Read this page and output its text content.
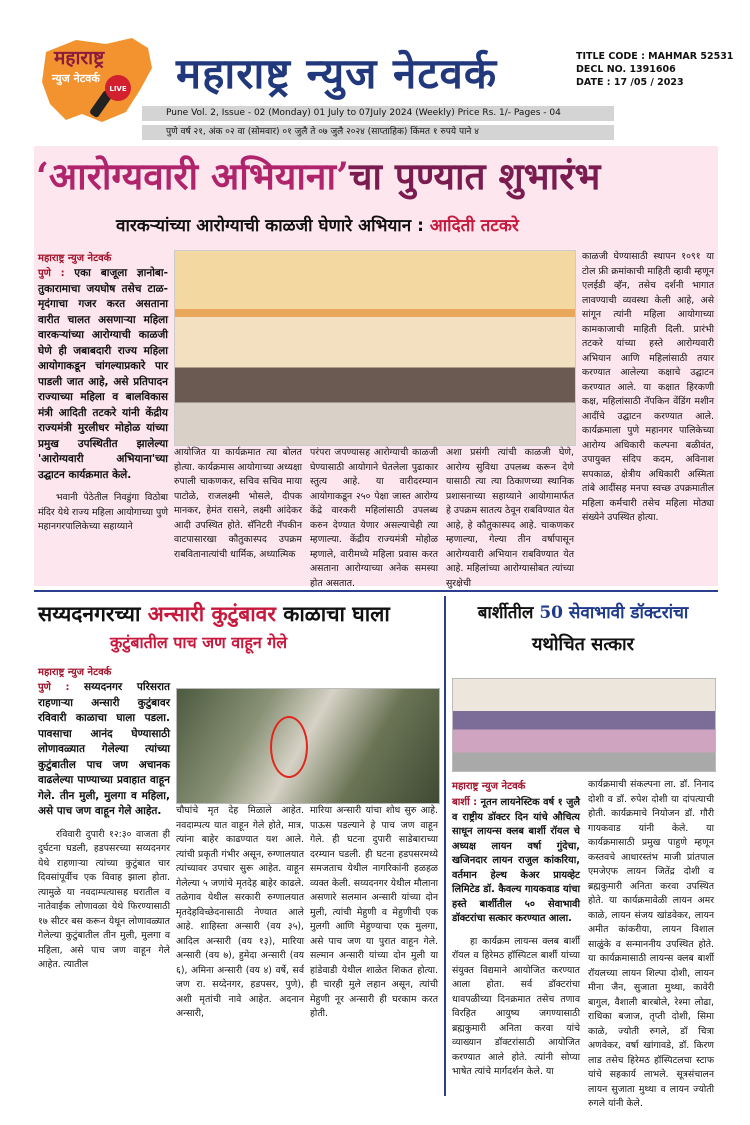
महाराष्ट्र
न्युज नेटवर्क
LIVE महाराष्ट्र न्युज नेटवर्क	TITLE CODE : MAHMAR 52531
DECL NO. 1391606
DATE : 17 /05 / 2023
Pune Vol. 2, Issue - 02 (Monday) 01 July to 07July 2024 (Weekly) Price Rs. 1/- Pages - 04
पुणे वर्ष २१, अंक ०२ वा (सोमवार) ०१ जुलै ते ०७ जुलै २०२४ (साप्ताहिक) किंमत १ रुपये पाने ४
‘आरोग्यवारी अभियाना’चा पुण्यात शुभारंभ
वारकऱ्यांच्या आरोग्याची काळजी घेणारे अभियान : आदिती तटकरे
महाराष्ट्र न्युज नेटवर्क
पुणे : एका बाजूला ज्ञानोबा-तुकारामाचा जयघोष तसेच टाळ-मृदंगाचा गजर करत असताना वारीत चालत असणाऱ्या महिला वारकऱ्यांच्या आरोग्याची काळजी घेणे ही जबाबदारी राज्य महिला आयोगाकडून चांगल्याप्रकारे पार पाडली जात आहे, असे प्रतिपादन राज्याच्या महिला व बालविकास मंत्री आदिती तटकरे यांनी केंद्रीय राज्यमंत्री मुरलीधर मोहोळ यांच्या प्रमुख उपस्थितीत झालेल्या 'आरोग्यवारी अभियाना'च्या उद्घाटन कार्यक्रमात केले.
भवानी पेठेतील निवडुंगा विठोबा मंदिर येथे राज्य महिला आयोगाच्या पुणे महानगरपालिकेच्या सहाय्याने
आयोजित या कार्यक्रमात त्या बोलत होत्या. कार्यक्रमास आयोगाच्या अध्यक्षा रुपाली चाकणकर, सचिव सचिव माया पाटोळे, राजलक्ष्मी भोसले, दीपक मानकर, हेमंत रासने, लक्ष्मी आंदेकर आदी उपस्थित होते. सॅनिटरी नॅपकीन वाटपासारखा कौतुकास्पद उपक्रम राबवितानात्यांची धार्मिक, अध्यात्मिक
परंपरा जपण्यासह आरोग्याची काळजी घेण्यासाठी आयोगाने घेतलेला पुढाकार स्तुत्य आहे. या वारीदरम्यान आयोगाकडून २५० पेक्षा जास्त आरोग्य केंद्रे वारकरी महिलांसाठी उपलब्ध करुन देण्यात येणार असल्याचेही त्या म्हणाल्या. केंद्रीय राज्यमंत्री मोहोळ म्हणाले, वारीमध्ये महिला प्रवास करत असताना आरोग्याच्या अनेक समस्या होत असतात.
अशा प्रसंगी त्यांची काळजी घेणे, आरोग्य सुविधा उपलब्ध करून देणे यासाठी त्या त्या ठिकाणच्या स्थानिक प्रशासनाच्या सहाय्याने आयोगामार्फत हे उपक्रम सातत्य ठेवून राबविण्यात येत आहे, हे कौतुकास्पद आहे. चाकणकर म्हणाल्या, गेल्या तीन वर्षापासून आरोग्यवारी अभियान राबविण्यात येत आहे. महिलांच्या आरोग्यासोबत त्यांच्या सुरक्षेची
काळजी घेण्यासाठी स्थापन १०९१ या टोल फ्री क्रमांकाची माहिती व्हावी म्हणून एलईडी व्हॅन, तसेच दर्शनी भागात लावण्याची व्यवस्था केली आहे, असे सांगून त्यांनी महिला आयोगाच्या कामकाजाची माहिती दिली. प्रारंभी तटकरे यांच्या हस्ते आरोग्यवारी अभियान आणि महिलांसाठी तयार करण्यात आलेल्या कक्षाचे उद्घाटन करण्यात आले. या कक्षात हिरकणी कक्ष, महिलांसाठी नॅपकिन वेंडिंग मशीन आदींचे उद्घाटन करण्यात आले. कार्यक्रमाला पुणे महानगर पालिकेच्या आरोग्य अधिकारी कल्पना बळीवंत, उपायुक्त संदिप कदम, अविनाश सपकाळ, क्षेत्रीय अधिकारी अस्मिता तांबे आदींसह मनपा स्वच्छ उपक्रमातील महिला कर्मचारी तसेच महिला मोठ्या संख्येने उपस्थित होत्या.
सय्यदनगरच्या अन्सारी कुटुंबावर काळाचा घाला
कुटुंबातील पाच जण वाहून गेले
महाराष्ट्र न्युज नेटवर्क
पुणे : सय्यदनगर परिसरात राहणाऱ्या अन्सारी कुटुंबावर रविवारी काळाचा घाला पडला. पावसाचा आनंद घेण्यासाठी लोणावळ्यात गेलेल्या त्यांच्या कुटुंबातील पाच जण अचानक वाढलेल्या पाण्याच्या प्रवाहात वाहून गेले. तीन मुली, मुलगा व महिला, असे पाच जण वाहून गेले आहेत.
रविवारी दुपारी १२:३० वाजता ही दुर्घटना घडली, हडपसरच्या सय्यदनगर येथे राहणाऱ्या त्यांच्या कुटुंबात चार दिवसांपूर्वीच एक विवाह झाला होता. त्यामुळे या नवदाम्पत्यासह घरातील व नातेवाईक लोणावळा येथे फिरण्यासाठी १७ सीटर बस करून येथून लोणावळ्यात गेलेल्या कुटुंबातील तीन मुली, मुलगा व महिला, असे पाच जण वाहून गेले आहेत. त्यातील
चौघांचे मृत देह मिळाले आहेत. नवदाम्पत्य यात वाहून गेले होते, मात्र, त्यांना बाहेर काढण्यात यश आले. त्यांची प्रकृती गंभीर असून, रुग्णालयात त्यांच्यावर उपचार सुरू आहेत. वाहून गेलेल्या ५ जणांचे मृतदेह बाहेर काढले. तळेगाव येथील सरकारी रुग्णालयात मृतदेहविच्छेदनासाठी नेण्यात आले आहे. शाहिस्ता अन्सारी (वय ३५), आदिल अन्सारी (वय १३), मारिया अन्सारी (वय ७), हुमेदा अन्सारी (वय ६), अमिना अन्सारी (वय ४) वर्षे, सर्व जण रा. सय्देनगर, हडपसर, पुणे), अशी मृतांची नावे आहेत. अदनान अन्सारी,
मारिया अन्सारी यांचा शोध सुरु आहे. पाऊस पडल्याने हे पाच जण वाहून गेले. ही घटना दुपारी साडेबाराच्या दरम्यान घडली. ही घटना हडपसरमध्ये समजताच येथील नागरिकांनी हळहळ व्यक्त केली. सय्यदनगर येथील मौलाना असणारे सलमान अन्सारी यांच्या दोन मुली, त्यांची मेहुणी व मेहुणीची एक मुलगी आणि मेहुण्याचा एक मुलगा, असे पाच जण या पुरात वाहून गेले. सल्मान अन्सारी यांच्या दोन मुली या हांडेवाडी येथील शाळेत शिकत होत्या. ही चारही मुले लहान असून, त्यांची मेहुणी नूर अन्सारी ही घरकाम करत होती.
बार्शीतील 50 सेवाभावी डॉक्टरांचा
यथोचित सत्कार
महाराष्ट्र न्युज नेटवर्क
बार्शी : नूतन लायनेस्टिक वर्ष १ जुलै व राष्ट्रीय डॉक्टर दिन यांचे औचित्य साधून लायन्स क्लब बार्शी रॉयल चे अध्यक्ष लायन वर्षा गुंदेचा, खजिनदार लायन राजुल कांकरिया, वर्तमान हेल्थ केअर प्रायव्हेट लिमिटेड डॉ. कैवल्य गायकवाड यांचा हस्ते बार्शीतील ५० सेवाभावी डॉक्टरांचा सत्कार करण्यात आला.
हा कार्यक्रम लायन्स क्लब बार्शी रॉयल व हिरेमठ हॉस्पिटल बार्शी यांच्या संयुक्त विद्यमाने आयोजित करण्यात आला होता. सर्व डॉक्टरांचा धावपळीच्या दिनक्रमात तसेच तणाव विरहित आयुष्य जगण्यासाठी ब्रह्मकुमारी अनिता करवा यांचे व्याख्यान डॉक्टरांसाठी आयोजित करण्यात आले होते. त्यांनी सोप्या भाषेत त्यांचे मार्गदर्शन केले. या
कार्यक्रमाची संकल्पना ला. डॉ. निनाद दोशी व डॉ. रुपेश दोशी या दांपत्याची होती. कार्यक्रमाचे नियोजन डॉ. गौरी गायकवाड यांनी केले. या कार्यक्रमासाठी प्रमुख पाहुणे म्हणून कस्तवचे आधारस्तंभ माजी प्रांतपाल एमजेएफ लायन जितेंद्र दोशी व ब्रह्मकुमारी अनिता करवा उपस्थित होते. या कार्यक्रमावेळी लायन अमर काळे, लायन संजय खांडवेकर, लायन अमीत कांकरीया, लायन विशाल साळुंके व सन्माननीय उपस्थित होते. या कार्यक्रमासाठी लायन्स क्लब बार्शी रॉयलच्या लायन शिल्पा दोशी, लायन मीना जैन, सुजाता मुथ्था, कावेरी बागुल, वैशाली बारबोले, रेश्मा लोढा, राधिका बजाज, तृप्ती दोशी, सिमा काळे, ज्योती रुगले, डॉ चित्रा अणवेकर, वर्षा खांगावडे, डॉ. किरण लाड तसेच हिरेमठ हॉस्पिटलचा स्टाफ यांचे सहकार्य लाभले. सूत्रसंचालन लायन सुजाता मुथ्था व लायन ज्योती रुगले यांनी केले.
